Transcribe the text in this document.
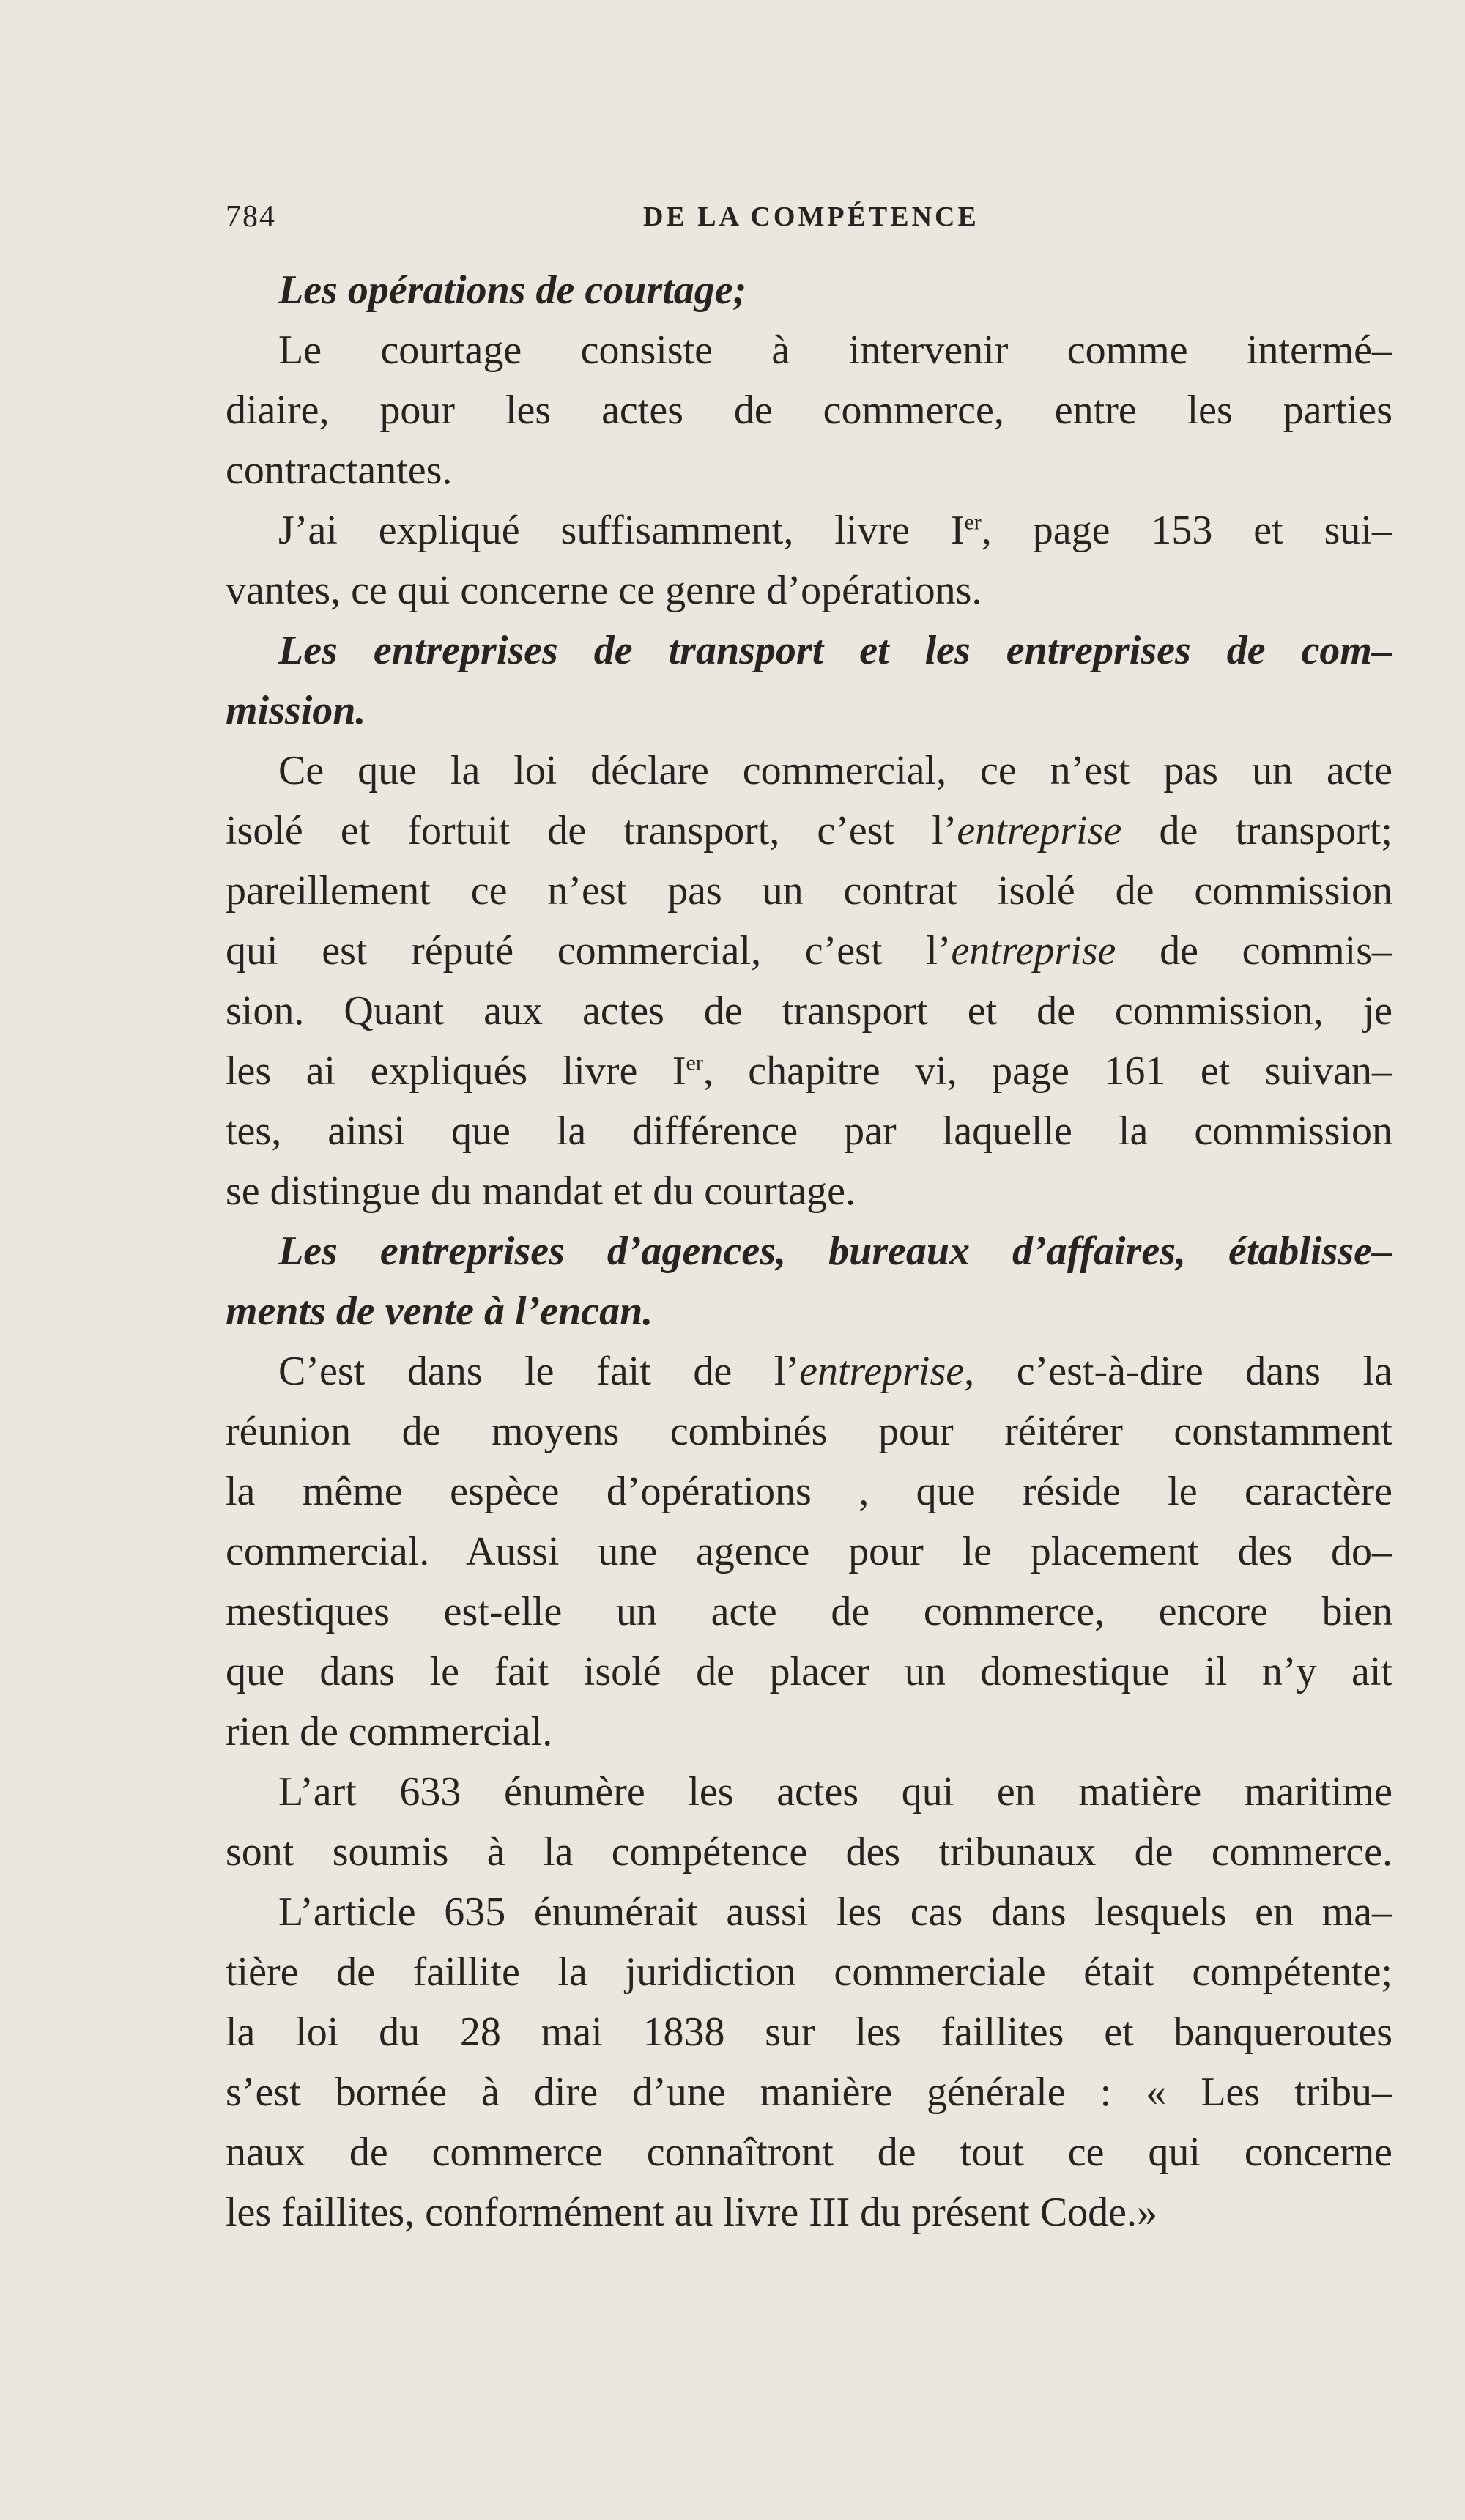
784	DE LA COMPÉTENCE
Les opérations de courtage;
Le courtage consiste à intervenir comme intermé–
diaire, pour les actes de commerce, entre les parties
contractantes.
J’ai expliqué suffisamment, livre Ier, page 153 et sui–
vantes, ce qui concerne ce genre d’opérations.
Les entreprises de transport et les entreprises de com–
mission.
Ce que la loi déclare commercial, ce n’est pas un acte
isolé et fortuit de transport, c’est l’entreprise de transport;
pareillement ce n’est pas un contrat isolé de commission
qui est réputé commercial, c’est l’entreprise de commis–
sion. Quant aux actes de transport et de commission, je
les ai expliqués livre Ier, chapitre vi, page 161 et suivan–
tes, ainsi que la différence par laquelle la commission
se distingue du mandat et du courtage.
Les entreprises d’agences, bureaux d’affaires, établisse–
ments de vente à l’encan.
C’est dans le fait de l’entreprise, c’est-à-dire dans la
réunion de moyens combinés pour réitérer constamment
la même espèce d’opérations , que réside le caractère
commercial. Aussi une agence pour le placement des do–
mestiques est-elle un acte de commerce, encore bien
que dans le fait isolé de placer un domestique il n’y ait
rien de commercial.
L’art 633 énumère les actes qui en matière maritime
sont soumis à la compétence des tribunaux de commerce.
L’article 635 énumérait aussi les cas dans lesquels en ma–
tière de faillite la juridiction commerciale était compétente;
la loi du 28 mai 1838 sur les faillites et banqueroutes
s’est bornée à dire d’une manière générale : « Les tribu–
naux de commerce connaîtront de tout ce qui concerne
les faillites, conformément au livre III du présent Code.»
